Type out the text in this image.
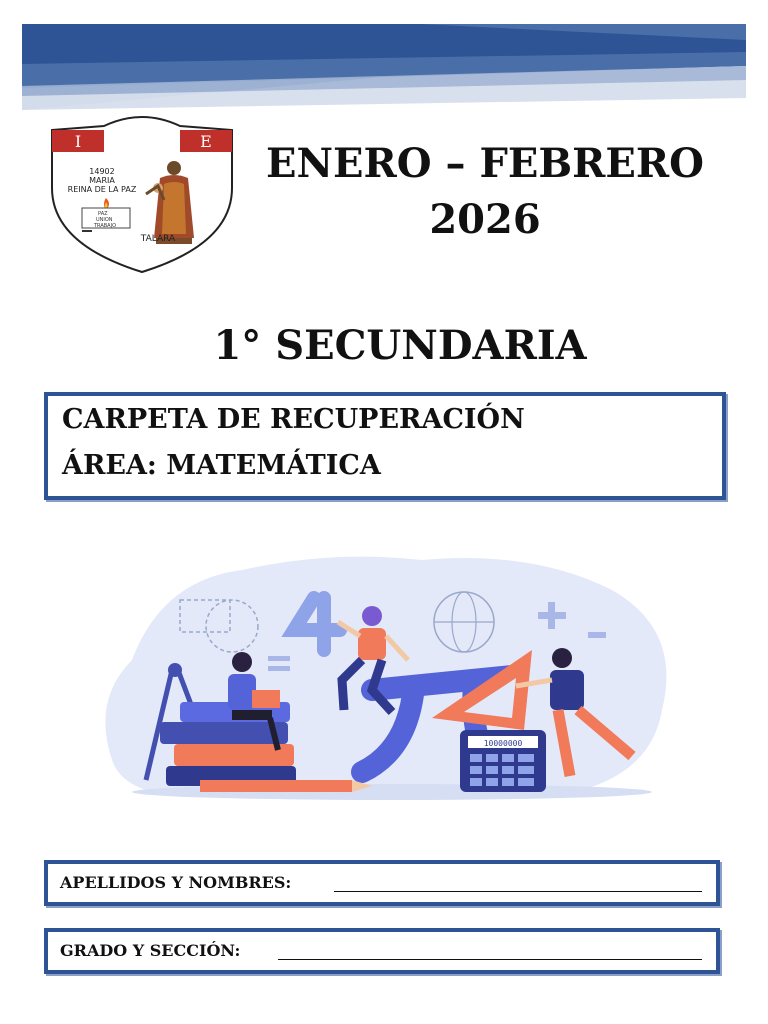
I	E
14902
MARIA
REINA DE LA PAZ
PAZ
UNION
TRABAJO
TALARA
ENERO – FEBRERO
2026
1° SECUNDARIA
CARPETA DE RECUPERACIÓN
ÁREA: MATEMÁTICA
10000000
APELLIDOS Y NOMBRES:
GRADO Y SECCIÓN:
